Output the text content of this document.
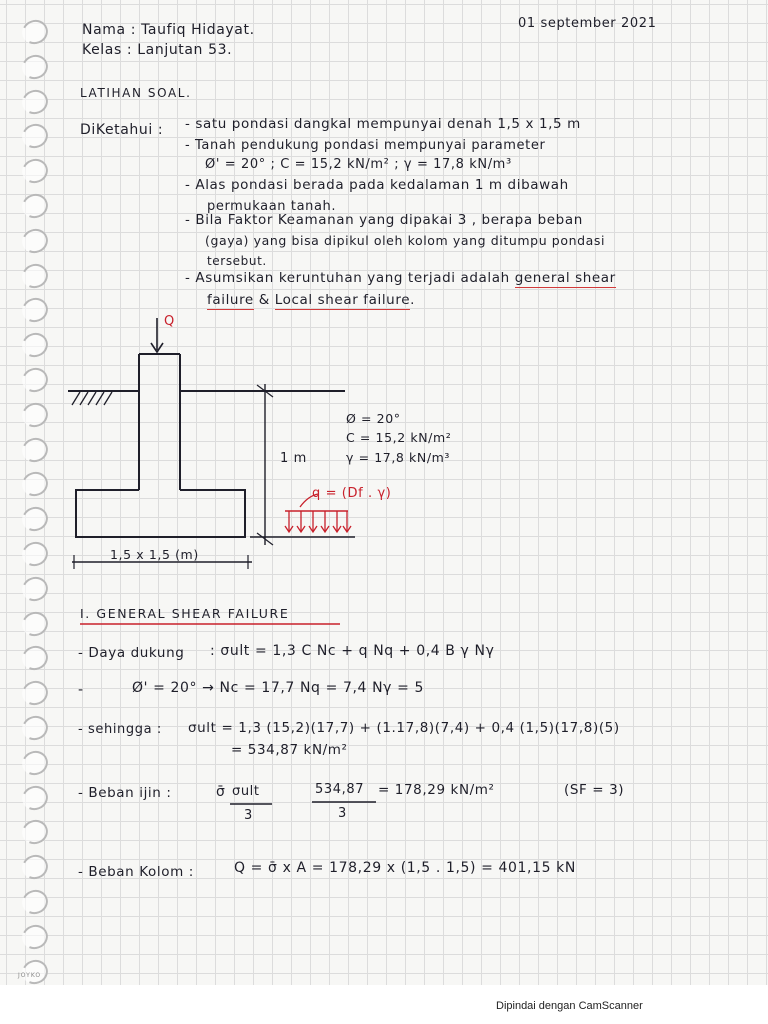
JOYKO
Nama : Taufiq Hidayat.
Kelas : Lanjutan 53.
01 september 2021
LATIHAN SOAL.
DiKetahui : - satu pondasi dangkal mempunyai denah 1,5 x 1,5 m
- Tanah pendukung pondasi mempunyai parameter
Ø' = 20° ; C = 15,2 kN/m² ; γ = 17,8 kN/m³
- Alas pondasi berada pada kedalaman 1 m dibawah
permukaan tanah.
- Bila Faktor Keamanan yang dipakai 3 , berapa beban
(gaya) yang bisa dipikul oleh kolom yang ditumpu pondasi
tersebut.
- Asumsikan keruntuhan yang terjadi adalah general shear
failure & Local shear failure.
Q
1 m
Ø = 20°
C = 15,2 kN/m²
γ = 17,8 kN/m³
q = (Df . γ)
1,5 x 1,5 (m)
I. GENERAL SHEAR FAILURE
- Daya dukung : σult = 1,3 C Nc + q Nq + 0,4 B γ Nγ
-	Ø' = 20° → Nc = 17,7 Nq = 7,4 Nγ = 5
- sehingga : σult = 1,3 (15,2)(17,7) + (1.17,8)(7,4) + 0,4 (1,5)(17,8)(5)
= 534,87 kN/m²
- Beban ijin :	σ̄ σult
3
534,87
3
= 178,29 kN/m²	(SF = 3)
- Beban Kolom :	Q = σ̄ x A = 178,29 x (1,5 . 1,5) = 401,15 kN
Dipindai dengan CamScanner
